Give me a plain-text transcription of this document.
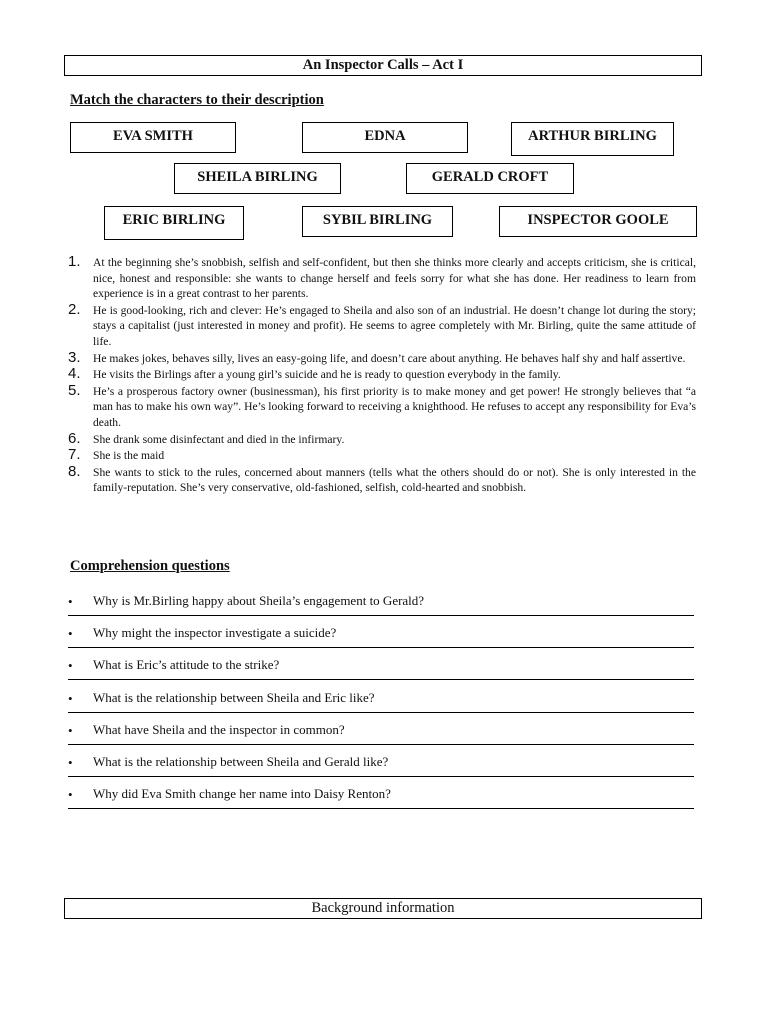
An Inspector Calls – Act I
Match the characters to their description
EVA SMITH	EDNA	ARTHUR BIRLING
SHEILA BIRLING	GERALD CROFT
ERIC BIRLING	SYBIL BIRLING	INSPECTOR GOOLE
1.	At the beginning she’s snobbish, selfish and self-confident, but then she thinks more clearly and accepts criticism, she is critical, nice, honest and responsible: she wants to change herself and feels sorry for what she has done. Her readiness to learn from experience is in a great contrast to her parents.
2.	He is good-looking, rich and clever: He’s engaged to Sheila and also son of an industrial. He doesn’t change lot during the story; stays a capitalist (just interested in money and profit). He seems to agree completely with Mr. Birling, quite the same attitude of life.
3.	He makes jokes, behaves silly, lives an easy-going life, and doesn’t care about anything. He behaves half shy and half assertive.
4.	He visits the Birlings after a young girl’s suicide and he is ready to question everybody in the family.
5.	He’s a prosperous factory owner (businessman), his first priority is to make money and get power! He strongly believes that “a man has to make his own way”. He’s looking forward to receiving a knighthood. He refuses to accept any responsibility for Eva’s death.
6.	She drank some disinfectant and died in the infirmary.
7.	She is the maid
8.	She wants to stick to the rules, concerned about manners (tells what the others should do or not). She is only interested in the family-reputation. She’s very conservative, old-fashioned, selfish, cold-hearted and snobbish.
Comprehension questions
• Why is Mr.Birling happy about Sheila’s engagement to Gerald?
• Why might the inspector investigate a suicide?
• What is Eric’s attitude to the strike?
• What is the relationship between Sheila and Eric like?
• What have Sheila and the inspector in common?
• What is the relationship between Sheila and Gerald like?
• Why did Eva Smith change her name into Daisy Renton?
Background information
